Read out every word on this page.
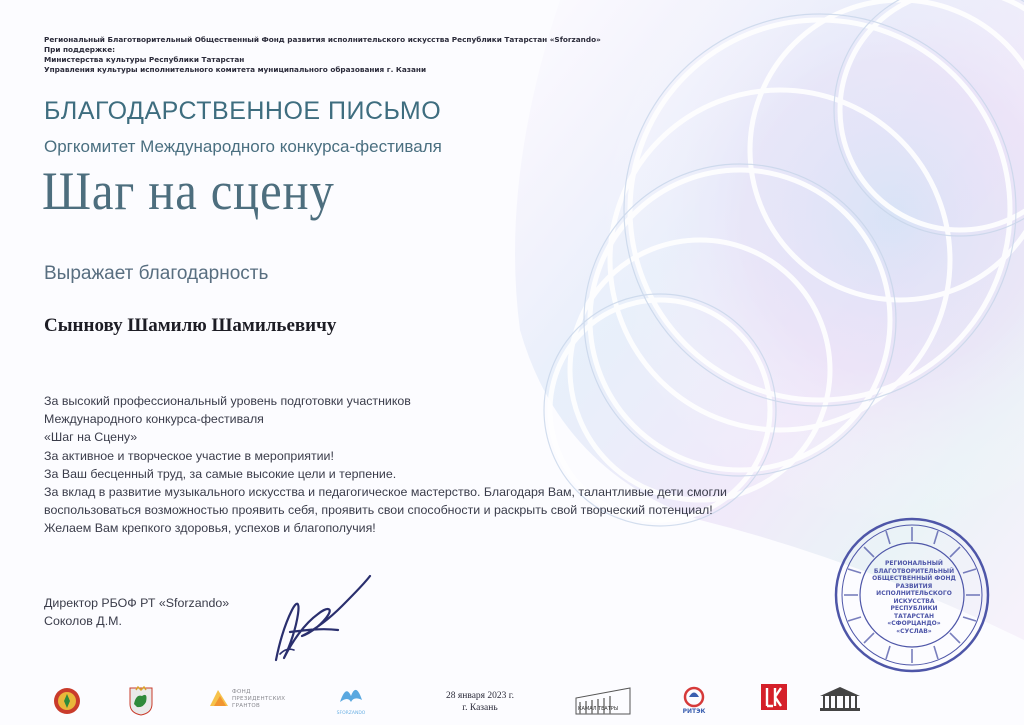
Региональный Благотворительный Общественный Фонд развития исполнительского искусства Республики Татарстан «Sforzando»
При поддержке:
Министерства культуры Республики Татарстан
Управления культуры исполнительного комитета муниципального образования г. Казани
БЛАГОДАРСТВЕННОЕ ПИСЬМО
Оргкомитет Международного конкурса-фестиваля
Шаг на сцену
Выражает благодарность
Сыннову Шамилю Шамильевичу
За высокий профессиональный уровень подготовки участников
Международного конкурса-фестиваля
«Шаг на Сцену»
За активное и творческое участие в мероприятии!
За Ваш бесценный труд, за самые высокие цели и терпение.
За вклад в развитие музыкального искусства и педагогическое мастерство. Благодаря Вам, талантливые дети смогли
воспользоваться возможностью проявить себя, проявить свои способности и раскрыть свой творческий потенциал!
Желаем Вам крепкого здоровья, успехов и благополучия!
Директор РБОФ РТ «Sforzando»
Соколов Д.М.
РЕГИОНАЛЬНЫЙ
БЛАГОТВОРИТЕЛЬНЫЙ
ОБЩЕСТВЕННЫЙ ФОНД
РАЗВИТИЯ
ИСПОЛНИТЕЛЬСКОГО
ИСКУССТВА
РЕСПУБЛИКИ ТАТАРСТАН
«СФОРЦАНДО»
«СУСЛАВ»
ФОНД
ПРЕЗИДЕНТСКИХ
ГРАНТОВ
SFORZANDO
28 января 2023 г.
г. Казань	КАМАЛ ТЕАТРЫ	РИТЭК
